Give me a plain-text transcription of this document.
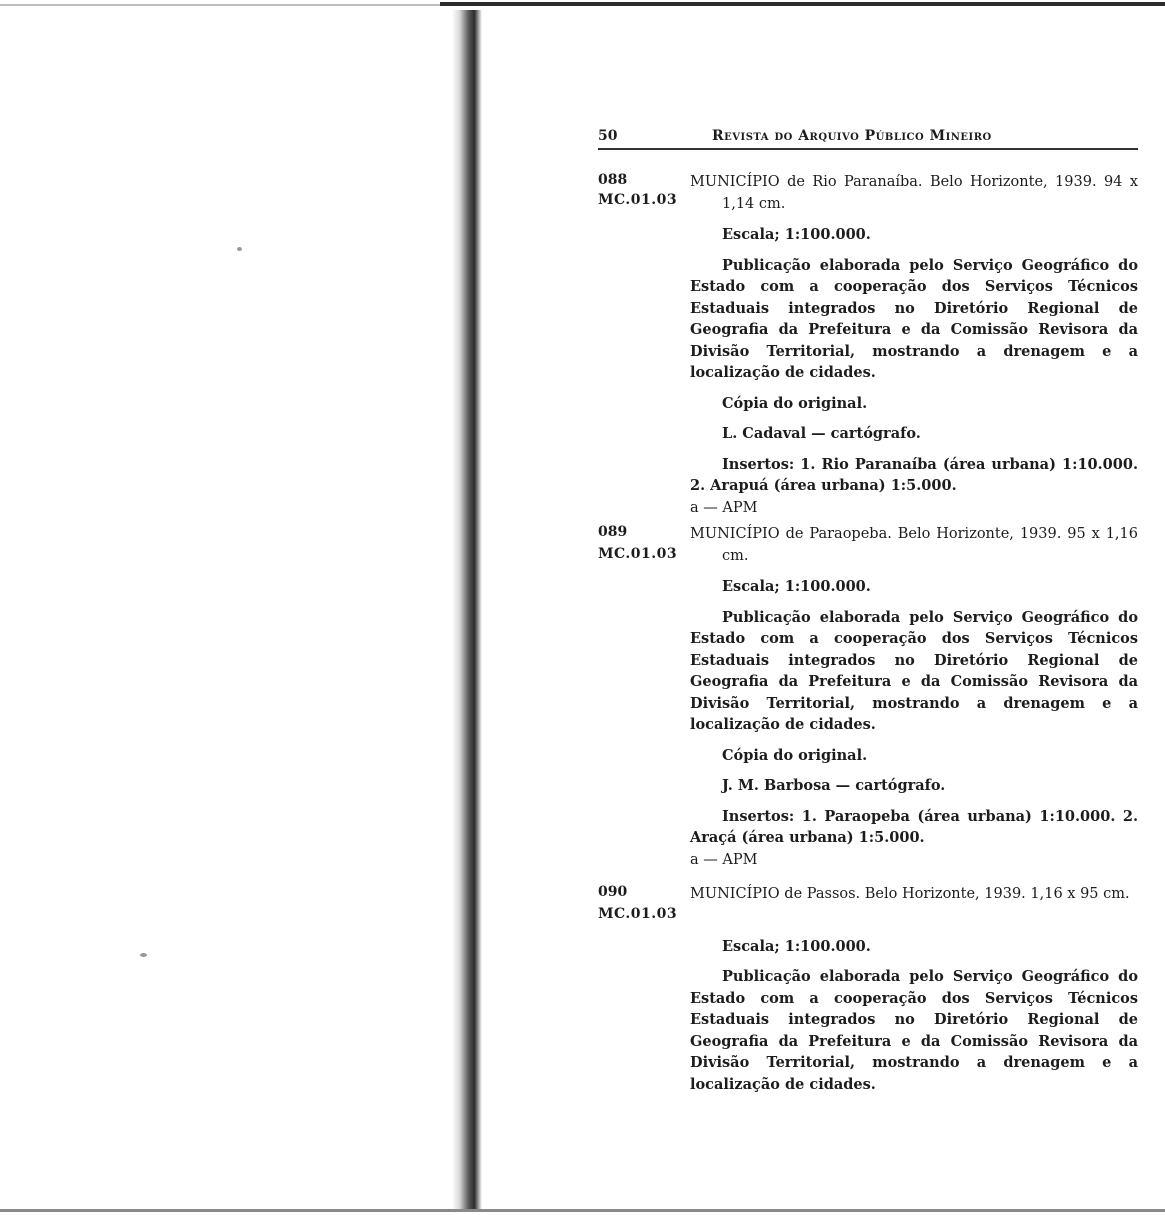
50	Revista do Arquivo Público Mineiro
088
MC.01.03

MUNICÍPIO de Rio Paranaíba. Belo Horizonte, 1939. 94 x 1,14 cm.

Escala; 1:100.000.

Publicação elaborada pelo Serviço Geográfico do Estado com a cooperação dos Serviços Técnicos Estaduais integrados no Diretório Regional de Geografia da Prefeitura e da Comissão Revisora da Divisão Territorial, mostrando a drenagem e a localização de cidades.

Cópia do original.

L. Cadaval — cartógrafo.

Insertos: 1. Rio Paranaíba (área urbana) 1:10.000. 2. Arapuá (área urbana) 1:5.000.

a — APM

089
MC.01.03

MUNICÍPIO de Paraopeba. Belo Horizonte, 1939. 95 x 1,16 cm.

Escala; 1:100.000.

Publicação elaborada pelo Serviço Geográfico do Estado com a cooperação dos Serviços Técnicos Estaduais integrados no Diretório Regional de Geografia da Prefeitura e da Comissão Revisora da Divisão Territorial, mostrando a drenagem e a localização de cidades.

Cópia do original.

J. M. Barbosa — cartógrafo.

Insertos: 1. Paraopeba (área urbana) 1:10.000. 2. Araçá (área urbana) 1:5.000.

a — APM

090
MC.01.03

MUNICÍPIO de Passos. Belo Horizonte, 1939. 1,16 x 95 cm.

Escala; 1:100.000.

Publicação elaborada pelo Serviço Geográfico do Estado com a cooperação dos Serviços Técnicos Estaduais integrados no Diretório Regional de Geografia da Prefeitura e da Comissão Revisora da Divisão Territorial, mostrando a drenagem e a localização de cidades.
